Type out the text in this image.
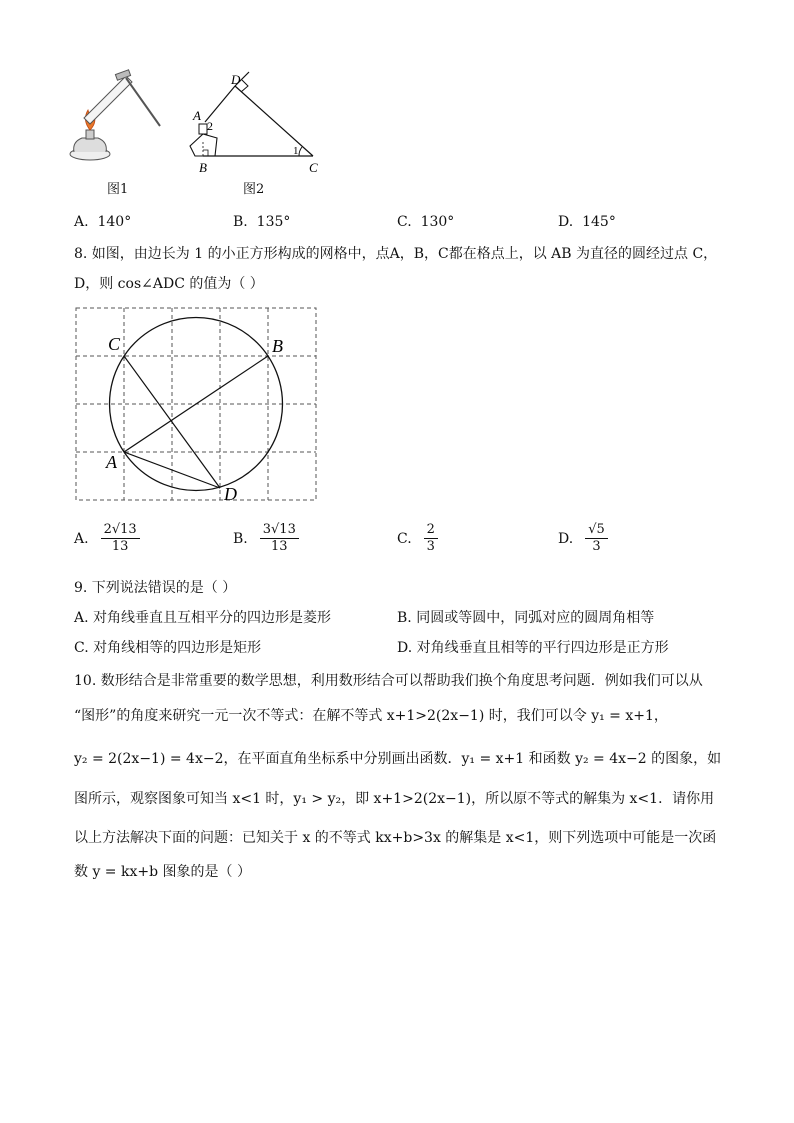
D
A
2
B
1
C
图1	图2
A. 140°	B. 135°	C. 130°	D. 145°
8. 如图，由边长为 1 的小正方形构成的网格中，点A，B，C都在格点上，以 AB 为直径的圆经过点 C，
D，则 cos∠ADC 的值为（ ）
C	B
A
D
A. $\frac{2√13}{13}$	B. $\frac{3√13}{13}$	C. $\frac{2}{3}$	D. $\frac{√5}{3}$
9. 下列说法错误的是（ ）
A. 对角线垂直且互相平分的四边形是菱形	B. 同圆或等圆中，同弧对应的圆周角相等
C. 对角线相等的四边形是矩形	D. 对角线垂直且相等的平行四边形是正方形
10. 数形结合是非常重要的数学思想，利用数形结合可以帮助我们换个角度思考问题．例如我们可以从
“图形”的角度来研究一元一次不等式：在解不等式 x+1>2(2x−1) 时，我们可以令 y₁ = x+1，
y₂ = 2(2x−1) = 4x−2，在平面直角坐标系中分别画出函数．y₁ = x+1 和函数 y₂ = 4x−2 的图象，如
图所示，观察图象可知当 x<1 时，y₁ > y₂，即 x+1>2(2x−1)，所以原不等式的解集为 x<1．请你用
以上方法解决下面的问题：已知关于 x 的不等式 kx+b>3x 的解集是 x<1，则下列选项中可能是一次函
数 y = kx+b 图象的是（ ）
